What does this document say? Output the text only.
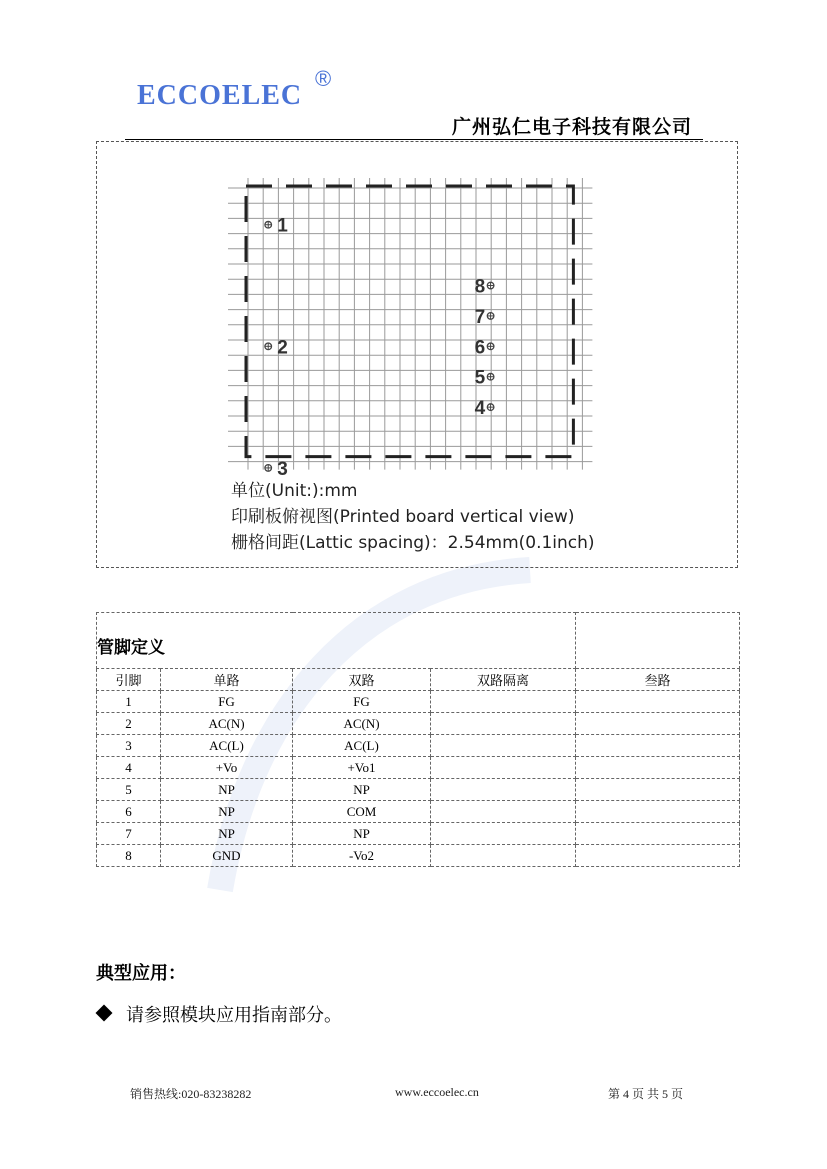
ECCOELEC
®
广州弘仁电子科技有限公司
1
2
3
8
7
6
5
4
单位(Unit:):mm
印刷板俯视图(Printed board vertical view)
栅格间距(Lattic spacing)：2.54mm(0.1inch)
管脚定义				
引脚	单路	双路	双路隔离	叁路
1	FG	FG		
2	AC(N)	AC(N)		
3	AC(L)	AC(L)		
4	+Vo	+Vo1		
5	NP	NP		
6	NP	COM		
7	NP	NP		
8	GND	-Vo2		
典型应用：
请参照模块应用指南部分。
销售热线:020-83238282	www.eccoelec.cn	第 4 页 共 5 页
